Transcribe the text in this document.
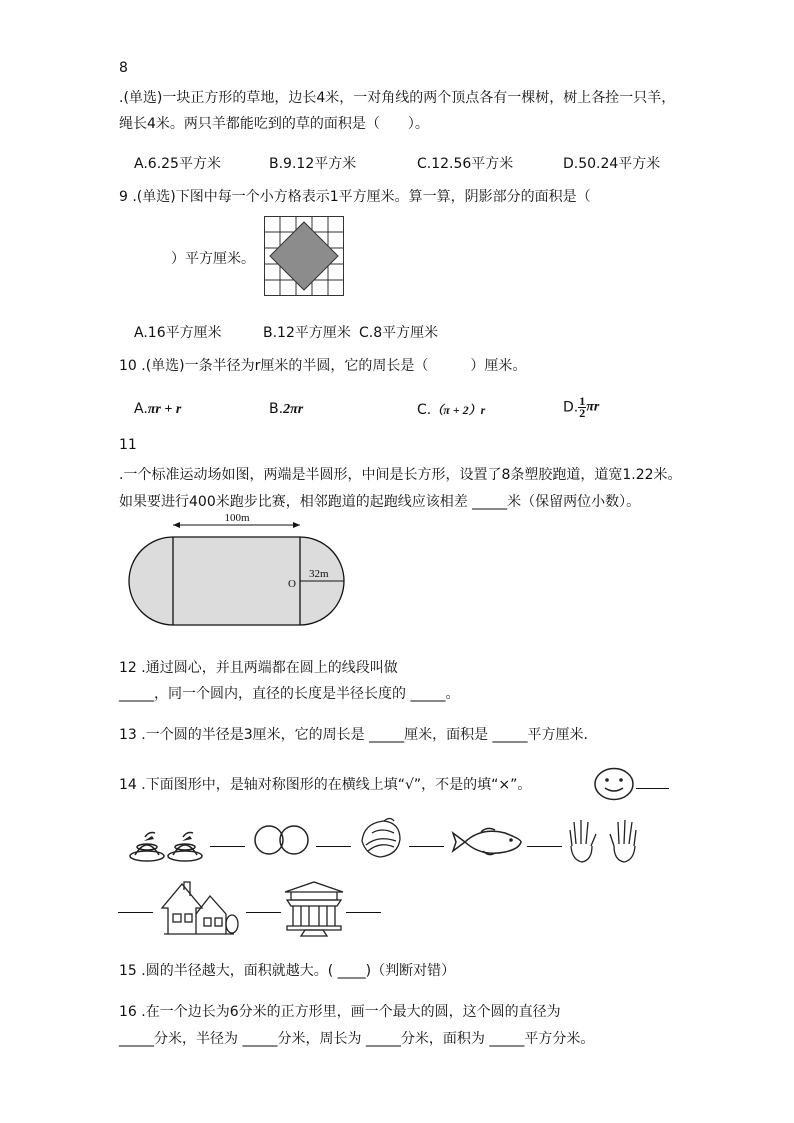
8
.(单选)一块正方形的草地，边长4米，一对角线的两个顶点各有一棵树，树上各拴一只羊，
绳长4米。两只羊都能吃到的草的面积是（　　）。
A.6.25平方米	B.9.12平方米	C.12.56平方米	D.50.24平方米
9 .(单选)下图中每一个小方格表示1平方厘米。算一算，阴影部分的面积是（
）平方厘米。
A.16平方厘米	B.12平方厘米 C.8平方厘米
10 .(单选)一条半径为r厘米的半圆，它的周长是（　　　）厘米。
A.πr + r	B.2πr	C.（π + 2）r	D. $\frac{1}{2}$ πr
11
.一个标准运动场如图，两端是半圆形，中间是长方形，设置了8条塑胶跑道，道宽1.22米。
如果要进行400米跑步比赛，相邻跑道的起跑线应该相差 _____米（保留两位小数）。
100m
32m
O
12 .通过圆心，并且两端都在圆上的线段叫做
_____，同一个圆内，直径的长度是半径长度的 _____。
13 .一个圆的半径是3厘米，它的周长是 _____厘米，面积是 _____平方厘米.
14 .下面图形中，是轴对称图形的在横线上填“√”，不是的填“×”。
15 .圆的半径越大，面积就越大。( ____)（判断对错）
16 .在一个边长为6分米的正方形里，画一个最大的圆，这个圆的直径为
_____分米，半径为 _____分米，周长为 _____分米，面积为 _____平方分米。
